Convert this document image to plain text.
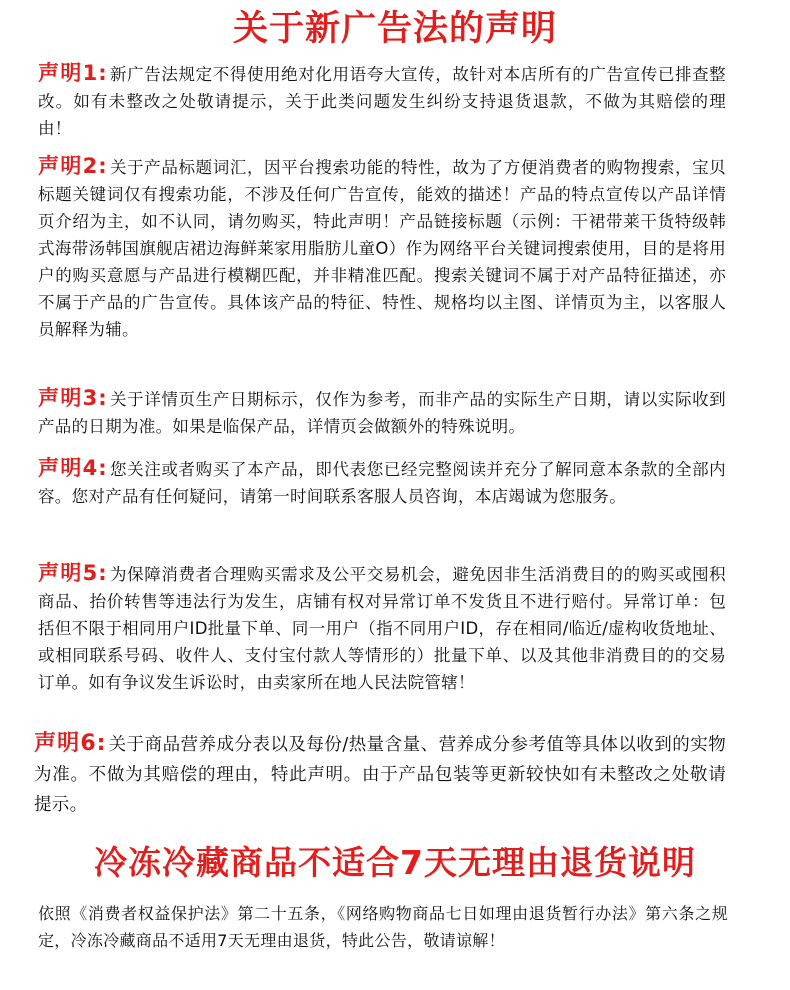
关于新广告法的声明
声明1: 新广告法规定不得使用绝对化用语夸大宣传，故针对本店所有的广告宣传已排查整改。如有未整改之处敬请提示，关于此类问题发生纠纷支持退货退款，不做为其赔偿的理由！
声明2: 关于产品标题词汇，因平台搜索功能的特性，故为了方便消费者的购物搜索，宝贝标题关键词仅有搜索功能，不涉及任何广告宣传，能效的描述！产品的特点宣传以产品详情页介绍为主，如不认同，请勿购买，特此声明！产品链接标题（示例：干裙带莱干货特级韩式海带汤韩国旗舰店裙边海鲜莱家用脂肪儿童O）作为网络平台关键词搜索使用，目的是将用户的购买意愿与产品进行模糊匹配，并非精准匹配。搜索关键词不属于对产品特征描述，亦不属于产品的广告宣传。具体该产品的特征、特性、规格均以主图、详情页为主，以客服人员解释为辅。
声明3: 关于详情页生产日期标示，仅作为参考，而非产品的实际生产日期，请以实际收到产品的日期为准。如果是临保产品，详情页会做额外的特殊说明。
声明4: 您关注或者购买了本产品，即代表您已经完整阅读并充分了解同意本条款的全部内容。您对产品有任何疑问，请第一时间联系客服人员咨询，本店竭诚为您服务。
声明5: 为保障消费者合理购买需求及公平交易机会，避免因非生活消费目的的购买或囤积商品、抬价转售等违法行为发生，店铺有权对异常订单不发货且不进行赔付。异常订单：包括但不限于相同用户ID批量下单、同一用户（指不同用户ID，存在相同/临近/虚构收货地址、或相同联系号码、收件人、支付宝付款人等情形的）批量下单、以及其他非消费目的的交易订单。如有争议发生诉讼时，由卖家所在地人民法院管辖！
声明6: 关于商品营养成分表以及每份/热量含量、营养成分参考值等具体以收到的实物为准。不做为其赔偿的理由，特此声明。由于产品包装等更新较快如有未整改之处敬请提示。
冷冻冷藏商品不适合7天无理由退货说明
依照《消费者权益保护法》第二十五条，《网络购物商品七日如理由退货暂行办法》第六条之规定，冷冻冷藏商品不适用7天无理由退货，特此公告，敬请谅解！
